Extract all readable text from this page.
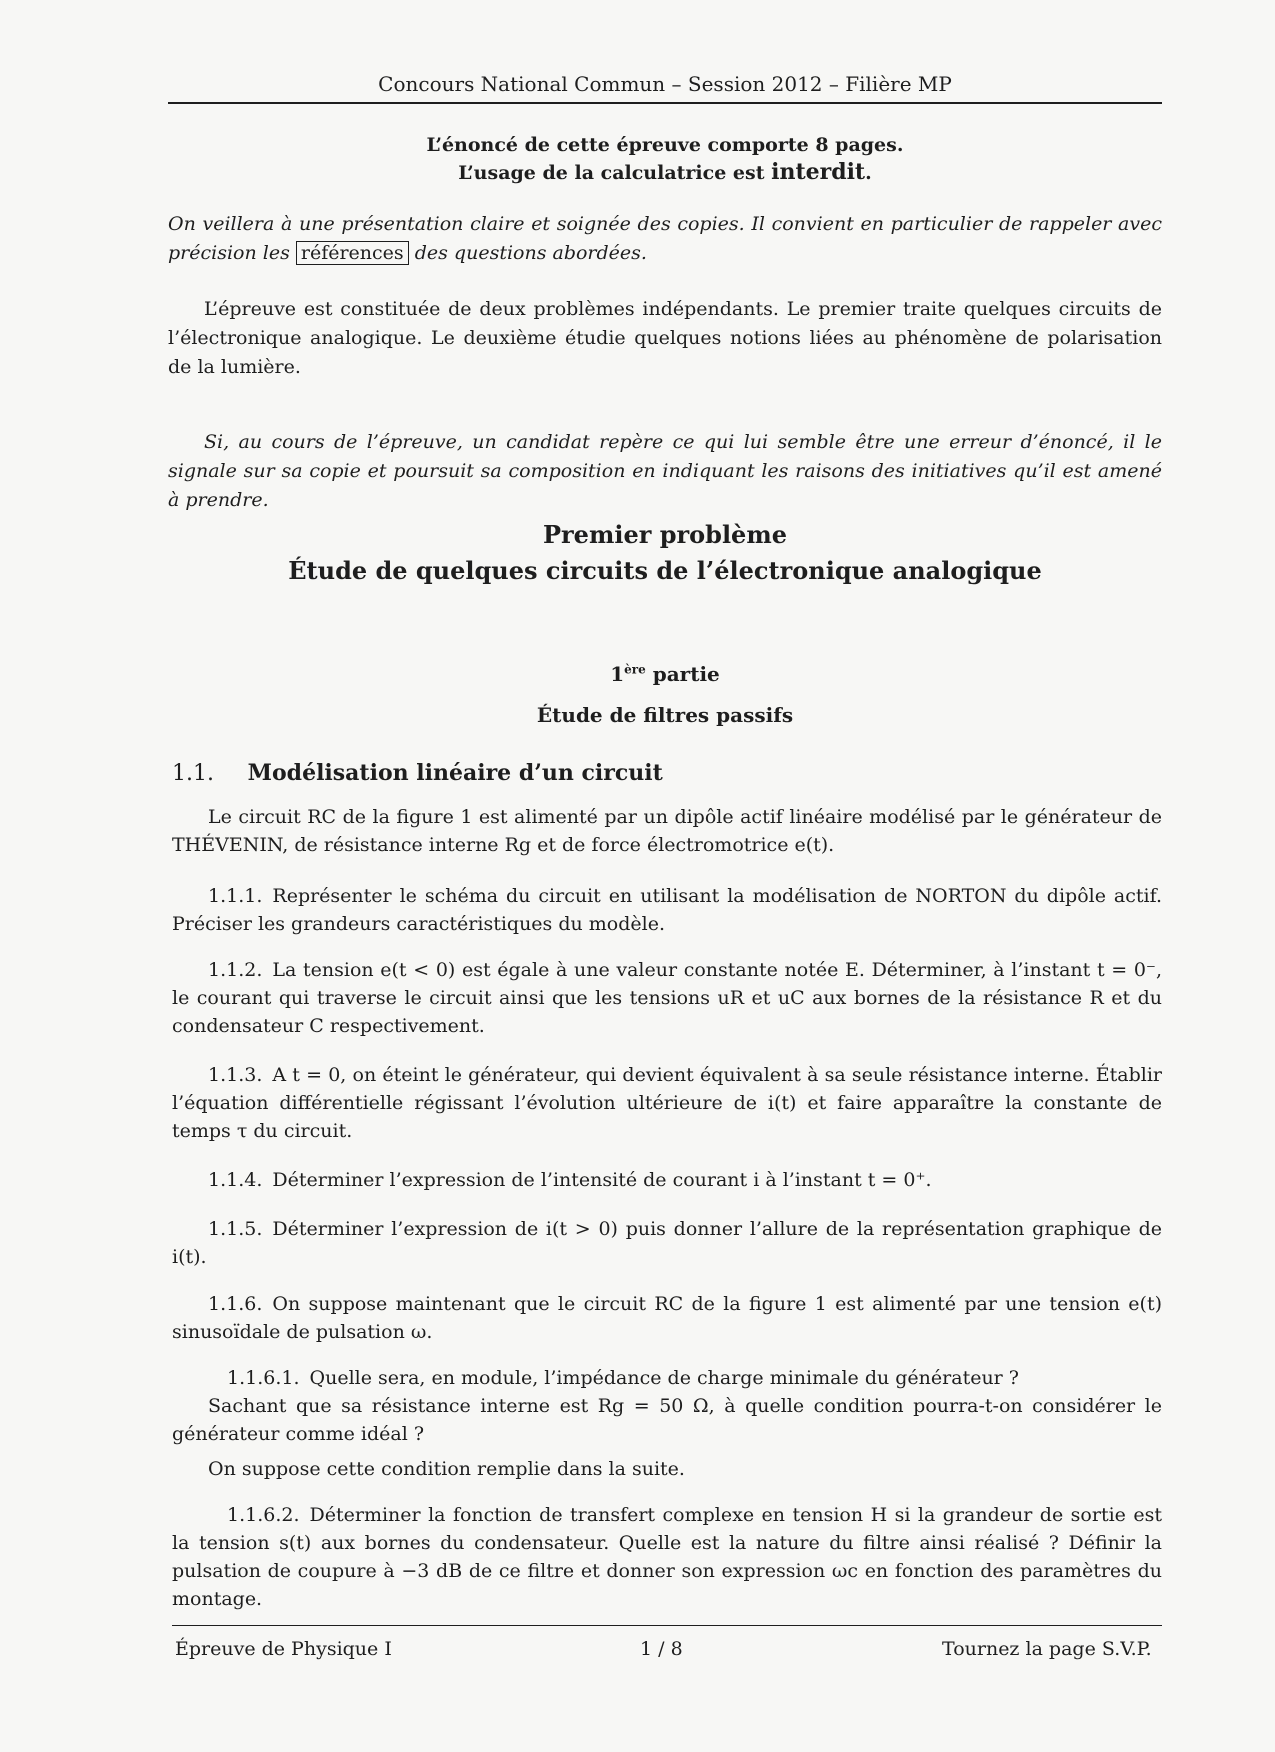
Concours National Commun – Session 2012 – Filière MP
L’énoncé de cette épreuve comporte 8 pages.
L’usage de la calculatrice est interdit.
On veillera à une présentation claire et soignée des copies. Il convient en particulier de rappeler avec précision les références des questions abordées.
L’épreuve est constituée de deux problèmes indépendants. Le premier traite quelques circuits de l’électronique analogique. Le deuxième étudie quelques notions liées au phénomène de polarisation de la lumière.
Si, au cours de l’épreuve, un candidat repère ce qui lui semble être une erreur d’énoncé, il le signale sur sa copie et poursuit sa composition en indiquant les raisons des initiatives qu’il est amené à prendre.
Premier problème
Étude de quelques circuits de l’électronique analogique
1ère partie
Étude de filtres passifs
1.1. Modélisation linéaire d’un circuit
Le circuit RC de la figure 1 est alimenté par un dipôle actif linéaire modélisé par le générateur de THÉVENIN, de résistance interne Rg et de force électromotrice e(t).
1.1.1. Représenter le schéma du circuit en utilisant la modélisation de NORTON du dipôle actif. Préciser les grandeurs caractéristiques du modèle.
1.1.2. La tension e(t < 0) est égale à une valeur constante notée E. Déterminer, à l’instant t = 0⁻, le courant qui traverse le circuit ainsi que les tensions uR et uC aux bornes de la résistance R et du condensateur C respectivement.
1.1.3. A t = 0, on éteint le générateur, qui devient équivalent à sa seule résistance interne. Établir l’équation différentielle régissant l’évolution ultérieure de i(t) et faire apparaître la constante de temps τ du circuit.
1.1.4. Déterminer l’expression de l’intensité de courant i à l’instant t = 0⁺.
1.1.5. Déterminer l’expression de i(t > 0) puis donner l’allure de la représentation graphique de i(t).
1.1.6. On suppose maintenant que le circuit RC de la figure 1 est alimenté par une tension e(t) sinusoïdale de pulsation ω.
1.1.6.1. Quelle sera, en module, l’impédance de charge minimale du générateur ?
Sachant que sa résistance interne est Rg = 50 Ω, à quelle condition pourra-t-on considérer le générateur comme idéal ?
On suppose cette condition remplie dans la suite.
1.1.6.2. Déterminer la fonction de transfert complexe en tension H si la grandeur de sortie est la tension s(t) aux bornes du condensateur. Quelle est la nature du filtre ainsi réalisé ? Définir la pulsation de coupure à −3 dB de ce filtre et donner son expression ωc en fonction des paramètres du montage.
Épreuve de Physique I	1 / 8	Tournez la page S.V.P.
